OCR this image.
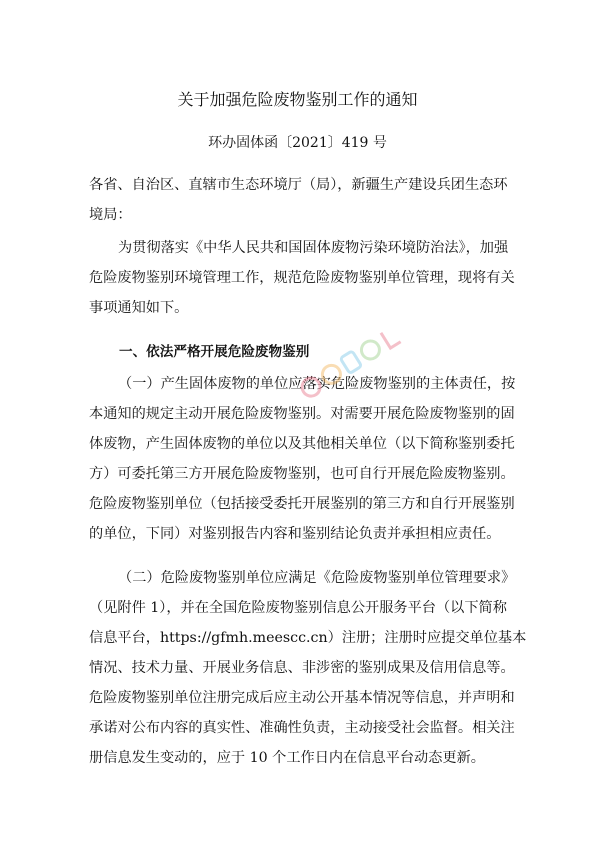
关于加强危险废物鉴别工作的通知
环办固体函〔2021〕419 号
各省、自治区、直辖市生态环境厅（局），新疆生产建设兵团生态环
境局：
为贯彻落实《中华人民共和国固体废物污染环境防治法》，加强
危险废物鉴别环境管理工作，规范危险废物鉴别单位管理，现将有关
事项通知如下。
一、依法严格开展危险废物鉴别
（一）产生固体废物的单位应落实危险废物鉴别的主体责任，按
本通知的规定主动开展危险废物鉴别。对需要开展危险废物鉴别的固
体废物，产生固体废物的单位以及其他相关单位（以下简称鉴别委托
方）可委托第三方开展危险废物鉴别，也可自行开展危险废物鉴别。
危险废物鉴别单位（包括接受委托开展鉴别的第三方和自行开展鉴别
的单位，下同）对鉴别报告内容和鉴别结论负责并承担相应责任。
（二）危险废物鉴别单位应满足《危险废物鉴别单位管理要求》
（见附件 1），并在全国危险废物鉴别信息公开服务平台（以下简称
信息平台，https://gfmh.meescc.cn）注册；注册时应提交单位基本
情况、技术力量、开展业务信息、非涉密的鉴别成果及信用信息等。
危险废物鉴别单位注册完成后应主动公开基本情况等信息，并声明和
承诺对公布内容的真实性、准确性负责，主动接受社会监督。相关注
册信息发生变动的，应于 10 个工作日内在信息平台动态更新。
